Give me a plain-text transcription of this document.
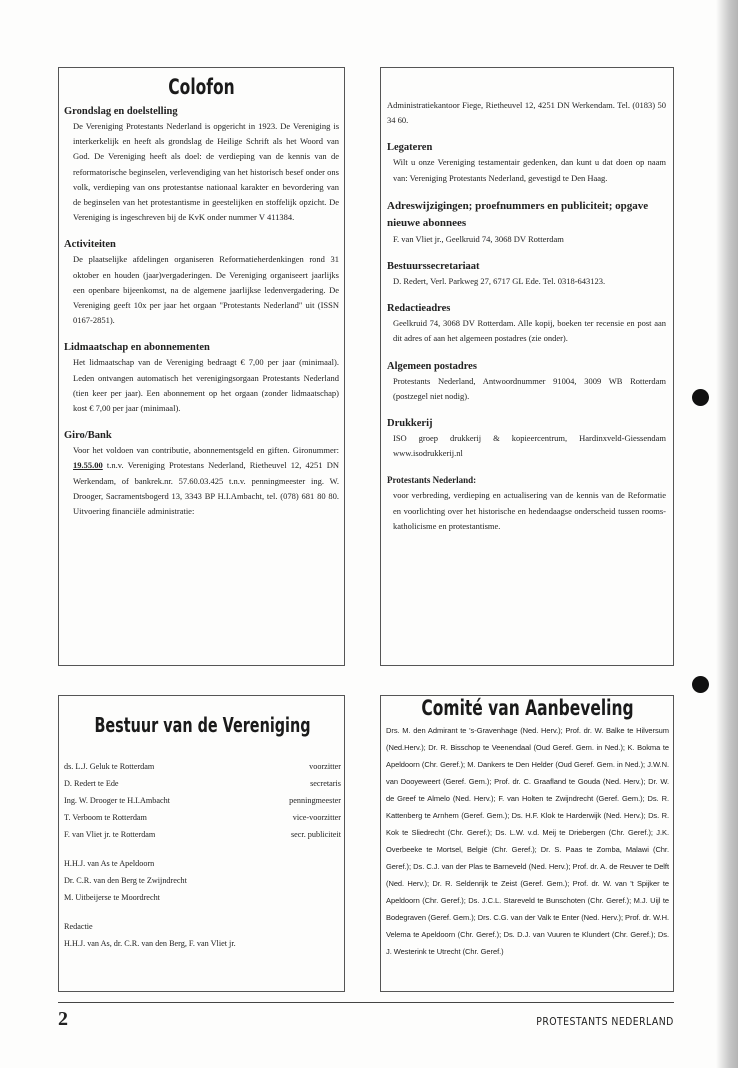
Colofon

Grondslag en doelstelling

De Vereniging Protestants Nederland is opgericht in 1923. De Vereniging is interkerkelijk en heeft als grondslag de Heilige Schrift als het Woord van God. De Vereniging heeft als doel: de verdieping van de kennis van de reformatorische beginselen, verlevendiging van het historisch besef onder ons volk, verdieping van ons protestantse nationaal karakter en bevordering van de beginselen van het protestantisme in geestelijken en stoffelijk opzicht. De Vereniging is ingeschreven bij de KvK onder nummer V 411384.

Activiteiten

De plaatselijke afdelingen organiseren Reformatieherdenkingen rond 31 oktober en houden (jaar)vergaderingen. De Vereniging organiseert jaarlijks een openbare bijeenkomst, na de algemene jaarlijkse ledenvergadering. De Vereniging geeft 10x per jaar het orgaan "Protestants Nederland" uit (ISSN 0167-2851).

Lidmaatschap en abonnementen

Het lidmaatschap van de Vereniging bedraagt € 7,00 per jaar (minimaal). Leden ontvangen automatisch het verenigingsorgaan Protestants Nederland (tien keer per jaar). Een abonnement op het orgaan (zonder lidmaatschap) kost € 7,00 per jaar (minimaal).

Giro/Bank

Voor het voldoen van contributie, abonnementsgeld en giften. Gironummer: 19.55.00 t.n.v. Vereniging Protestans Nederland, Rietheuvel 12, 4251 DN Werkendam, of bankrek.nr. 57.60.03.425 t.n.v. penningmeester ing. W. Drooger, Sacramentsbogerd 13, 3343 BP H.I.Ambacht, tel. (078) 681 80 80. Uitvoering financiële administratie:

Administratiekantoor Fiege, Rietheuvel 12, 4251 DN Werkendam. Tel. (0183) 50 34 60.

Legateren

Wilt u onze Vereniging testamentair gedenken, dan kunt u dat doen op naam van: Vereniging Protestants Nederland, gevestigd te Den Haag.

Adreswijzigingen; proefnummers en publiciteit; opgave nieuwe abonnees

F. van Vliet jr., Geelkruid 74, 3068 DV Rotterdam

Bestuurssecretariaat

D. Redert, Verl. Parkweg 27, 6717 GL Ede. Tel. 0318-643123.

Redactieadres

Geelkruid 74, 3068 DV Rotterdam. Alle kopij, boeken ter recensie en post aan dit adres of aan het algemeen postadres (zie onder).

Algemeen postadres

Protestants Nederland, Antwoordnummer 91004, 3009 WB Rotterdam (postzegel niet nodig).

Drukkerij

ISO groep drukkerij & kopieercentrum, Hardinxveld-Giessendam www.isodrukkerij.nl

Protestants Nederland:

voor verbreding, verdieping en actualisering van de kennis van de Reformatie en voorlichting over het historische en hedendaagse onderscheid tussen rooms-katholicisme en protestantisme.

Bestuur van de Vereniging
ds. L.J. Geluk te Rotterdam	voorzitter
D. Redert te Ede	secretaris
Ing. W. Drooger te H.I.Ambacht	penningmeester
T. Verboom te Rotterdam	vice-voorzitter
F. van Vliet jr. te Rotterdam	secr. publiciteit

H.H.J. van As te Apeldoorn

Dr. C.R. van den Berg te Zwijndrecht

M. Uitbeijerse te Moordrecht

Redactie

H.H.J. van As, dr. C.R. van den Berg, F. van Vliet jr.

Comité van Aanbeveling

Drs. M. den Admirant te 's-Gravenhage (Ned. Herv.); Prof. dr. W. Balke te Hilversum (Ned.Herv.); Dr. R. Bisschop te Veenendaal (Oud Geref. Gem. in Ned.); K. Bokma te Apeldoorn (Chr. Geref.); M. Dankers te Den Helder (Oud Geref. Gem. in Ned.); J.W.N. van Dooyeweert (Geref. Gem.); Prof. dr. C. Graafland te Gouda (Ned. Herv.); Dr. W. de Greef te Almelo (Ned. Herv.); F. van Holten te Zwijndrecht (Geref. Gem.); Ds. R. Kattenberg te Arnhem (Geref. Gem.); Ds. H.F. Klok te Harderwijk (Ned. Herv.); Ds. R. Kok te Sliedrecht (Chr. Geref.); Ds. L.W. v.d. Meij te Driebergen (Chr. Geref.); J.K. Overbeeke te Mortsel, België (Chr. Geref.); Dr. S. Paas te Zomba, Malawi (Chr. Geref.); Ds. C.J. van der Plas te Barneveld (Ned. Herv.); Prof. dr. A. de Reuver te Delft (Ned. Herv.); Dr. R. Seldenrijk te Zeist (Geref. Gem.); Prof. dr. W. van 't Spijker te Apeldoorn (Chr. Geref.); Ds. J.C.L. Stareveld te Bunschoten (Chr. Geref.); M.J. Uijl te Bodegraven (Geref. Gem.); Drs. C.G. van der Valk te Enter (Ned. Herv.); Prof. dr. W.H. Velema te Apeldoorn (Chr. Geref.); Ds. D.J. van Vuuren te Klundert (Chr. Geref.); Ds. J. Westerink te Utrecht (Chr. Geref.)

2	PROTESTANTS NEDERLAND
